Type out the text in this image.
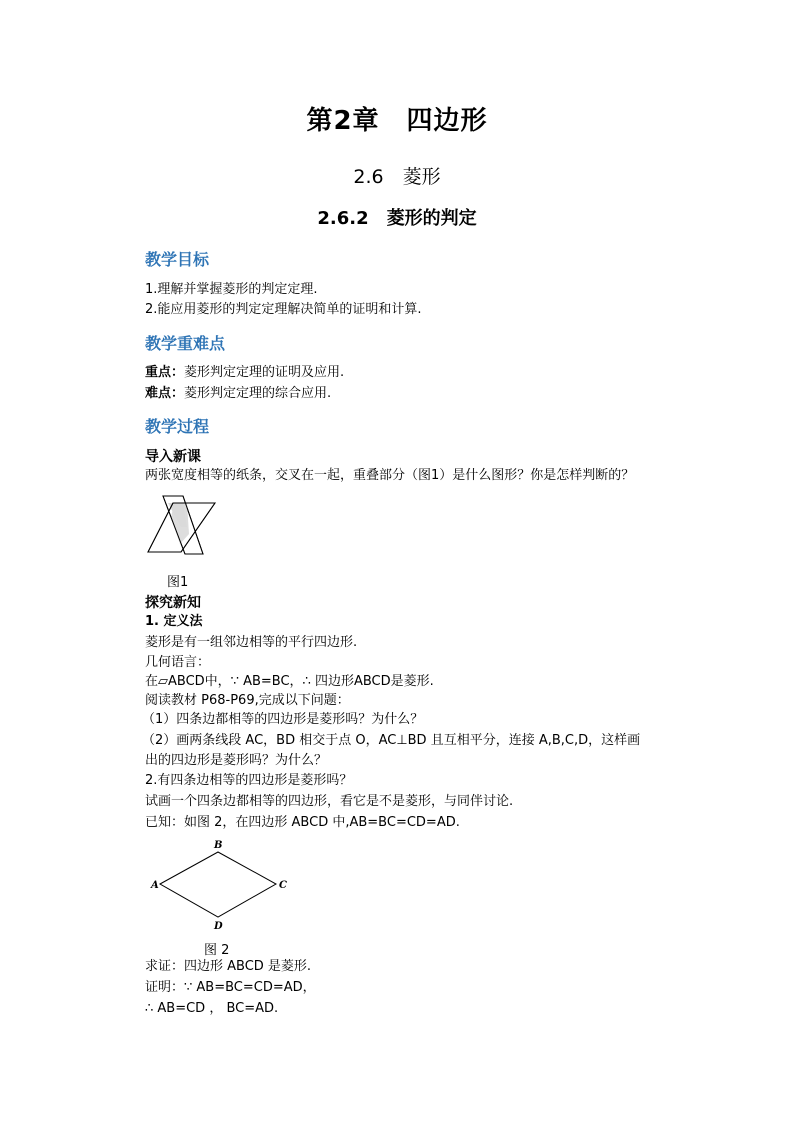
第2章　四边形
2.6　菱形
2.6.2　菱形的判定
教学目标
1.理解并掌握菱形的判定定理.
2.能应用菱形的判定定理解决简单的证明和计算.
教学重难点
重点：菱形判定定理的证明及应用.
难点：菱形判定定理的综合应用.
教学过程
导入新课
两张宽度相等的纸条，交叉在一起，重叠部分（图1）是什么图形？你是怎样判断的？
图1
探究新知
1. 定义法
菱形是有一组邻边相等的平行四边形.
几何语言：
在▱ABCD中，∵ AB=BC，∴ 四边形ABCD是菱形.
阅读教材 P68-P69,完成以下问题：
（1）四条边都相等的四边形是菱形吗？为什么？
（2）画两条线段 AC，BD 相交于点 O，AC⊥BD 且互相平分，连接 A,B,C,D，这样画
出的四边形是菱形吗？为什么？
2.有四条边相等的四边形是菱形吗？
试画一个四条边都相等的四边形，看它是不是菱形，与同伴讨论.
已知：如图 2，在四边形 ABCD 中,AB=BC=CD=AD.
A
B
C
D
图 2
求证：四边形 ABCD 是菱形.
证明：∵ AB=BC=CD=AD，
∴ AB=CD ， BC=AD.
